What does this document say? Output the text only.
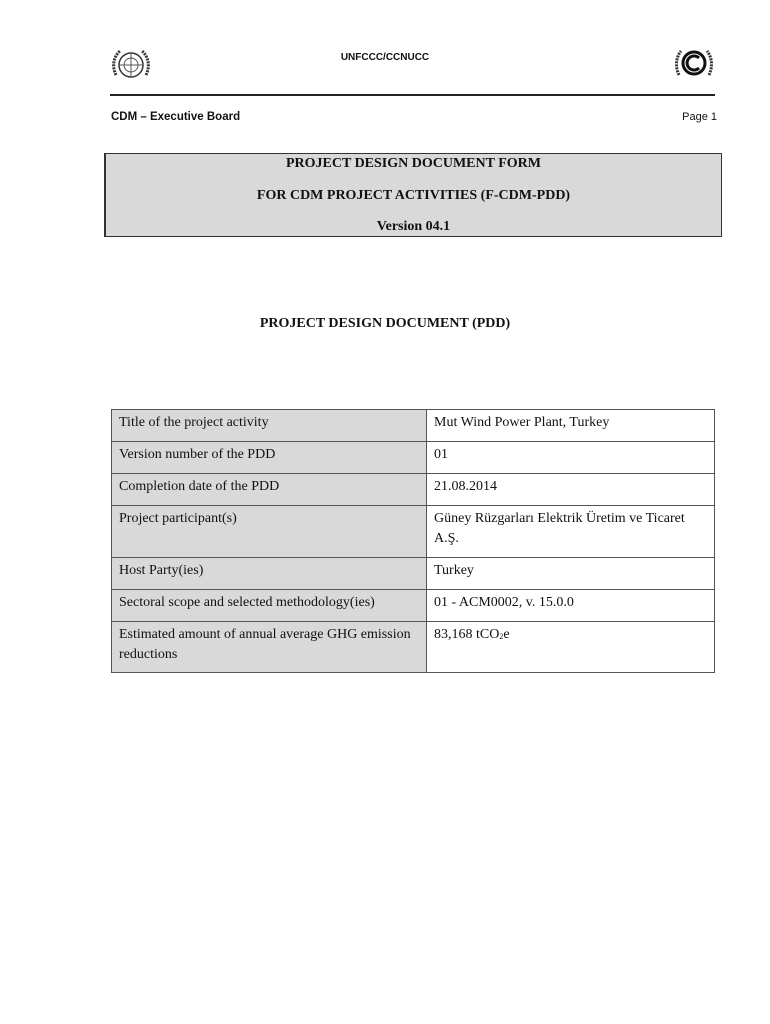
UNFCCC/CCNUCC
CDM – Executive Board	Page 1
PROJECT DESIGN DOCUMENT FORM
FOR CDM PROJECT ACTIVITIES (F-CDM-PDD)
Version 04.1
PROJECT DESIGN DOCUMENT (PDD)
Title of the project activity	Mut Wind Power Plant, Turkey
Version number of the PDD	01
Completion date of the PDD	21.08.2014
Project participant(s)	Güney Rüzgarları Elektrik Üretim ve Ticaret A.Ş.
Host Party(ies)	Turkey
Sectoral scope and selected methodology(ies)	01 - ACM0002, v. 15.0.0
Estimated amount of annual average GHG emission reductions	83,168 tCO$_2$e
